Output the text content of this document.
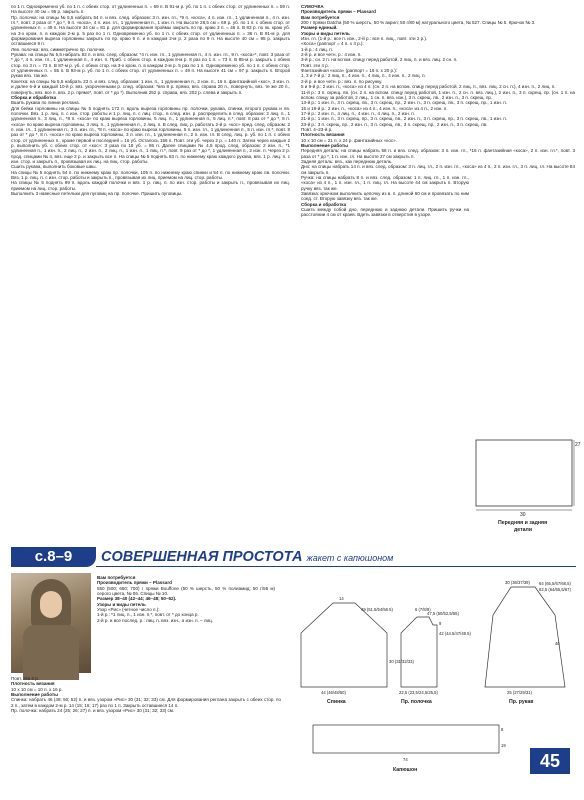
по 1 п. Одновременно уб. по 1 п. с обеих стор. от удлиненных п. = 69 п. В 91-м р. уб. по 1 п. с обеих стор. от удлиненных п. = 59 п. На высоте 40 см = 95 р. закрыть п.

Пр. полочка: на спицы № 5,5 набрать 54 п. и вяз. след. образом: 3 п. изн. гл., *9 п. «коса», 4 п. изн. гл., 1 удлиненная п., 4 п. изн. гл.*, повт. 2 раза от * до *, 9 п. «коса», 4 п. изн. гл., 1 удлиненная п., 1 изн. п. На высоте 28,5 см = 69 р. уб. по 1 п. с обеих стор. от удлиненных п. = 49 п. На высоте 34 см = 81 р. для формирования проймы закрыть по пр. краю 3 п. = 46 п. В 83 р. по пк. краю уб. на 3-х кром. п. в каждом 2-м р. 5 раз по 1 п. Одновременно уб. по 1 п. с обеих стор. от удлиненных п. = 36 п. В 91-м р. для формирования выреза горловины закрыть по пр. краю 9 п. и в каждом 2-м р. 2 раза по 9 п. На высоте 40 см = 95 р. закрыть оставшиеся 9 п.

Лев. полочка: вяз. симметрично пр. полочке.

Рукава: на спицы № 5,5 набрать 83 п. и вяз. след. образом: *4 п. изн. гл., 1 удлиненная п., 4 п. изн. гл., 9 п. «коса»*, повт. 3 раза от * до *, 4 п. изн. гл., 1 удлиненная п., 4 изн. п. Приб. с обеих стор. в каждом 8-м р. 8 раз по 1 п. = 73 п. В 85-м р. закрыть с обеих стор. по 3 п. = 73 п. В 87-м р. уб. с обеих стор. на 3-х кром. п. в каждом 2-м р. 5 раз по 1 п. Одновременно уб. по 1 п. с обеих стор. от удлиненных п. = 55 п. В 93-м р. уб. по 1 п. с обеих стор. от удлиненных п. = 49 п. На высоте 41 см = 97 р. закрыть п. Второй рукав вяз. так же.

Кокетка: на спицы № 5,5 набрать 23 п. и вяз. след. образом: 1 изн. п., 1 удлиненная п., 2 изн. п., 16 п. фантазийной «кос», 3 изн. п. и далее 6-й и каждый 10-й р. вяз. укороченными р. след. образом: *вяз 8 р. прямо, вяз. справа 20 п., повернуть, вяз. те же 20 п., повернуть, вяз. все п. вяз. 2 р. прямо*, повт. от * до *). Выполнив 252 р. справа, вяз. 202 р. слева и закрыть п.

Сборка и обработка

Вшить рукава по линии реглана.

Для бейки горловины на спицы № 5 поднять 172 п. вдоль выреза горловины пр. полочки, рукава, спинки, второго рукава и лв. полочки. Вяз. 1 р. лиц. п. с изн. стор. работы и 1 р. лиц. п. с лиц. стор., в след. изн. р. распределить в след. образом: 2 лиц. п., 1 удлиненная п., 3 лиц. п., *8 п. «коса» по краю выреза горловины, 5 лиц. п., 1 удлиненная п., 5 лиц. п.*, повт. 8 раз от * до *, 8 п. «коса» по краю выреза горловины, 3 лиц. п., 1 удлиненная п., 2 лиц. п. В след. лиц. р. работать 2-й р. «кос» пред. след. образом: 2 п. изн. гл., 1 удлиненная п., 3 п. изн. гл., *8 п. «коса» по краю выреза горловины, 5 п. изн. гл., 1 удлиненная п., 5 п. изн. гл.*, повт. 8 раз от * до *, 8 п. «коса» по краю выреза горловины, 3 п. изн. гл., 1 удлиненная п., 2 п. изн. гл. В след. лиц. р. уб. по 1 п. с обеих стор. от удлиненных п., кроме первой и последней = 16 уб. Осталось 156 п. Повт. эти уб. через 2 р. = 140 п. Затем через каждые 2 р. выполнить уб. с обеих стор. от «кос»: 3 раза по 18 уб. = 86 п. Далее спицами № 4,5 прод. след. образом: 2 изн. п., *1 удлиненная п., 1 изн. п., 2 лиц. п., 2 изн. п., 2 лиц. п., 1 изн. п., 1 лиц. п.*, повт. 9 раз от * до *, 1 удлиненная п., 2 изн. п. Через 2 р. прод. спицами № 4, вяз. еще 2 р. и закрыть все п. На спицы № 5 поднять 83 п. по нижнему краю каждого рукава, вяз. 1 р. лиц. п. с изн. стор. и закрыть п., провязывая их лиц. на лиц. стор. работы.

Сшить рукава, выполнить боковые швы.

На спицы № 5 поднять 54 п. по нижнему краю пр. полочки, 105 п. по нижнему краю спинки и 54 п. по нижнему краю лв. полочки. Вяз. 1 р. лиц. п. с изн. стор. работы и закрыть п., провязывая их лиц. приемом на лиц. стор. работы.

На спицы № 5 поднять 99 п. вдоль каждой полочки и вяз. 1 р. лиц. п. по изн. стор. работы и закрыть п., провязывая их лиц. приемом на лиц. стор. работы.

Выполнить 3 навесные петельки для пуговиц на пр. полочке. Пришить пуговицы.

СУМОЧКА

Производитель пряжи – Plassard

Вам потребуется

200 г пряжи Datcha (50 % шерсть, 50 % акрил; 50 г/80 м) натурального цвета, № 527. Спицы № 5. Крючок № 3.

Размер единый.

Узоры и виды петель

Изн. гл. (1-й р.: все п. изн., 2-й р.: все п. лиц., повт. эти 2 р.).

«Коса» (раппорт = 4 п. х 4 р.):

1-й р.: 4 лиц. п.

2-й р. и все четн. р.: 4 изн. п.

3-й р.: сн. 2 п. на вспом. спицу перед работой, 2 лиц. п. и вяз. лиц. 2 сн. п.

Повт. эти 4 р.

Фантазийная «коса» (раппорт = 16 п. х 20 р.):

1, 3 и 7-й р.: 2 лиц. п., 4 изн. п., 4 лиц. п., 4 изн. п., 2 лиц. п.

2-й р. и все четн. р.: вяз. п. по рисунку.

5 и 9-й р.: 2 изн. п., «коса» из 4 п. (сн. 2 п. на вспом. спицу перед работой, 2 лиц. п., вяз. лиц. 2 сн. п.), 4 изн. п., 2 лиц. п.

11-й р.: 3 п. скрещ. лв. (сн. 2 п. на вспом. спицу перед работой, 1 изн. п., 2 сн. п. вяз. лиц.), 2 изн. п., 3 п. скрещ. пр. (сн. 1 п. на вспом. спицу за работой, 2 лиц., 1 сн. п. вяз. изн.), 3 п. скрещ. лв., 2 изн. п., 3 п. скрещ. пр.

13-й р.: 1 изн. п., 3 п. скрещ. лв., 3 п. скрещ. пр., 2 изн. п., 3 п. скрещ. лв., 3 п. скрещ. пр., 1 изн. п.

15 и 19-й р.: 2 изн. п., «коса» из 4 п., 4 изн. п., «коса» из 4 п., 2 изн. п.

17-й р.: 2 изн. п., 4 лиц. п., 4 изн. п., 4 лиц. п., 2 изн. п.

21-й р.: 1 изн. п., 3 п. скрещ. пр., 3 п. скрещ. лв., 2 изн. п., 3 п. скрещ. пр., 3 п. скрещ. лв., 1 изн. п.

23-й р.: 3 п. скрещ. пр., 2 изн. п., 3 п. скрещ. лв., 3 п. скрещ. пр., 2 изн. п., 3 п. скрещ. лв.

Повт. 4–23-й р.

Плотность вязания

10 х 10 см = 21 п. х 24 р. фантазийных «кос».

Выполнение работы

Передняя деталь: на спицы набрать 58 п. и вяз. след. образом: 3 п. изн. гл., *16 п. фантазийная «коса», 2 п. изн. гл.*, повт. 3 раза от * до *, 1 п. изн. гл. На высоте 27 см закрыть п.

Задняя деталь: вяз., как переднюю деталь.

Дно: на спицы набрать 14 п. и вяз. след. образом: 3 п. лиц. гл., 2 п. изн. гл., «коса» из 4 п., 2 п. изн. гл., 3 п. лиц. гл. На высоте 84 см закрыть п.

Ручка: на спицы набрать 8 п. и вяз. след. образом: 1 п. лиц. гл., 1 п. изн. гл., «коса» из 4 п., 1 п. изн. гл., 1 п. лиц. гл. На высоте 44 см закрыть п. Вторую ручку вяз. так же.

Завязка: крючком выполнить цепочку из в. п. длиной 60 см и провязать по ним соед. ст. Вторую завязку вяз. так же.

Сборка и обработка

Сшить между собой дно, переднюю и заднюю детали. Пришить ручки на расстоянии 4 см от краев. Вдеть завязки в отверстия в узоре.

27
30
Передняя и задняя
детали
с.8–9	СОВЕРШЕННАЯ ПРОСТОТА жакет с капюшоном

Вам потребуется

Производитель пряжи – Plassard

550 (500; 650; 700) г пряжи Bouffone (50 % шерсть, 50 % полиамид; 50 г/55 м) серого цвета, № 06. Спицы № 10.

Размер 38–40 (42–44; 46–48; 50–52).

Узоры и виды петель

Узор «Рис» (четное число п.):

1-й р.: *1 лиц. п., 1 изн. п.*, повт. от * до конца р.

2-й р. и все послед. р.: лиц. п. вяз. изн., а изн. п. – лиц.

Повт. эти 2 р.

Плотность вязания

10 х 10 см = 10 п. х 16 р.

Выполнение работы

Спинка: набрать 46 (48; 50; 52) п. и вяз. узором «Рис» 30 (31; 32; 33) см. Для формирования реглана закрыть с обеих стор. по 2 п., затем в каждом 2-м р. 14 (15; 16; 17) раз по 1 п. Закрыть оставшиеся 14 п.

Пр. полочка: набрать 24 (25; 26; 27) п. и вяз. узором «Рис» 30 (31; 32; 33) см.

14
49 (51.5/54/56.5)
30 (31/32/33)
44 (46/48/50)
47,5 (50/52,5/55)
42 (44.5/47/49.5)
9
6 (7/8/9)
22,5 (23,5/24,5/25,5)
30 (36/37/39) 64 (65,5/67/68,5)
62,5 (64/65,5/67)
46
25 (27/29/31)
19
8
74
Спинка	Пр. полочка	Пр. рукав
Капюшон	45
